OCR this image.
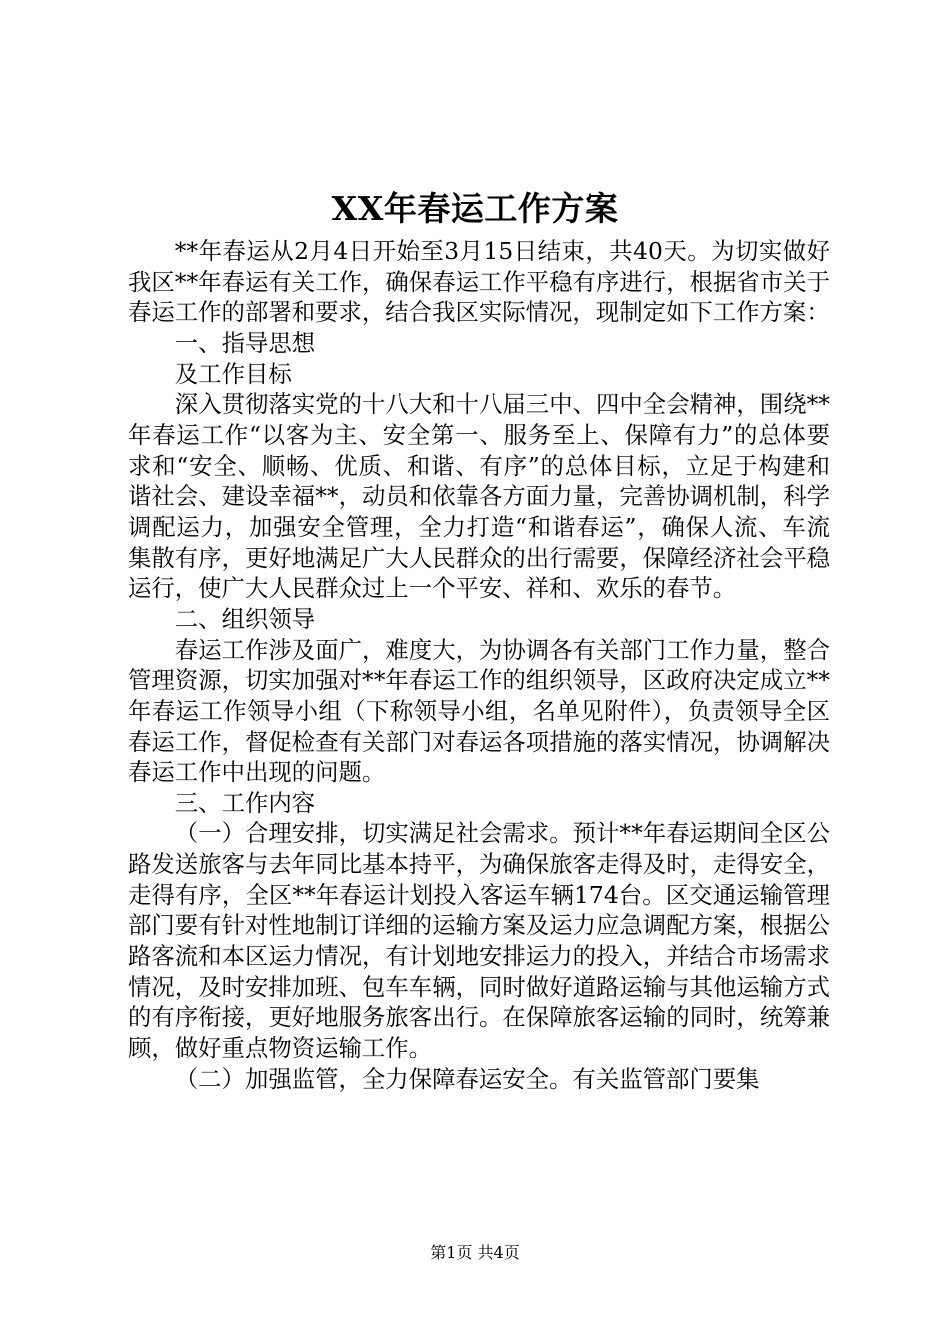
XX年春运工作方案

**年春运从2月4日开始至3月15日结束，共40天。为切实做好我区**年春运有关工作，确保春运工作平稳有序进行，根据省市关于春运工作的部署和要求，结合我区实际情况，现制定如下工作方案：

一、指导思想

及工作目标

深入贯彻落实党的十八大和十八届三中、四中全会精神，围绕**年春运工作“以客为主、安全第一、服务至上、保障有力”的总体要求和“安全、顺畅、优质、和谐、有序”的总体目标，立足于构建和谐社会、建设幸福**，动员和依靠各方面力量，完善协调机制，科学调配运力，加强安全管理，全力打造“和谐春运”，确保人流、车流集散有序，更好地满足广大人民群众的出行需要，保障经济社会平稳运行，使广大人民群众过上一个平安、祥和、欢乐的春节。

二、组织领导

春运工作涉及面广，难度大，为协调各有关部门工作力量，整合管理资源，切实加强对**年春运工作的组织领导，区政府决定成立**年春运工作领导小组（下称领导小组，名单见附件），负责领导全区春运工作，督促检查有关部门对春运各项措施的落实情况，协调解决春运工作中出现的问题。

三、工作内容

（一）合理安排，切实满足社会需求。预计**年春运期间全区公路发送旅客与去年同比基本持平，为确保旅客走得及时，走得安全，走得有序，全区**年春运计划投入客运车辆174台。区交通运输管理部门要有针对性地制订详细的运输方案及运力应急调配方案，根据公路客流和本区运力情况，有计划地安排运力的投入，并结合市场需求情况，及时安排加班、包车车辆，同时做好道路运输与其他运输方式的有序衔接，更好地服务旅客出行。在保障旅客运输的同时，统筹兼顾，做好重点物资运输工作。

（二）加强监管，全力保障春运安全。有关监管部门要集

第1页 共4页
